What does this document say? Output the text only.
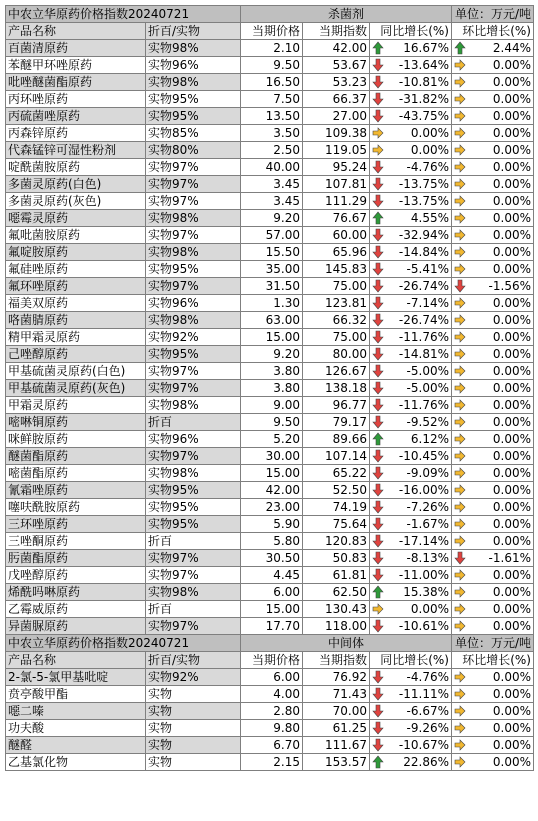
中农立华原药价格指数20240721		杀菌剂			单位：万元/吨
产品名称	折百/实物	当期价格	当期指数	同比增长(%)	环比增长(%)
百菌清原药	实物98%	2.10	42.00	16.67%	2.44%

苯醚甲环唑原药	实物96%	9.50	53.67	-13.64%	0.00%

吡唑醚菌酯原药	实物98%	16.50	53.23	-10.81%	0.00%

丙环唑原药	实物95%	7.50	66.37	-31.82%	0.00%

丙硫菌唑原药	实物95%	13.50	27.00	-43.75%	0.00%

丙森锌原药	实物85%	3.50	109.38	0.00%	0.00%

代森锰锌可湿性粉剂	实物80%	2.50	119.05	0.00%	0.00%

啶酰菌胺原药	实物97%	40.00	95.24	-4.76%	0.00%

多菌灵原药(白色)	实物97%	3.45	107.81	-13.75%	0.00%

多菌灵原药(灰色)	实物97%	3.45	111.29	-13.75%	0.00%

噁霉灵原药	实物98%	9.20	76.67	4.55%	0.00%

氟吡菌胺原药	实物97%	57.00	60.00	-32.94%	0.00%

氟啶胺原药	实物98%	15.50	65.96	-14.84%	0.00%

氟硅唑原药	实物95%	35.00	145.83	-5.41%	0.00%

氟环唑原药	实物97%	31.50	75.00	-26.74%	-1.56%

福美双原药	实物96%	1.30	123.81	-7.14%	0.00%

咯菌腈原药	实物98%	63.00	66.32	-26.74%	0.00%

精甲霜灵原药	实物92%	15.00	75.00	-11.76%	0.00%

己唑醇原药	实物95%	9.20	80.00	-14.81%	0.00%

甲基硫菌灵原药(白色)	实物97%	3.80	126.67	-5.00%	0.00%

甲基硫菌灵原药(灰色)	实物97%	3.80	138.18	-5.00%	0.00%

甲霜灵原药	实物98%	9.00	96.77	-11.76%	0.00%

嘧啉铜原药	折百	9.50	79.17	-9.52%	0.00%

咪鲜胺原药	实物96%	5.20	89.66	6.12%	0.00%

醚菌酯原药	实物97%	30.00	107.14	-10.45%	0.00%

嘧菌酯原药	实物98%	15.00	65.22	-9.09%	0.00%

氰霜唑原药	实物95%	42.00	52.50	-16.00%	0.00%

噻呋酰胺原药	实物95%	23.00	74.19	-7.26%	0.00%

三环唑原药	实物95%	5.90	75.64	-1.67%	0.00%

三唑酮原药	折百	5.80	120.83	-17.14%	0.00%

肟菌酯原药	实物97%	30.50	50.83	-8.13%	-1.61%

戊唑醇原药	实物97%	4.45	61.81	-11.00%	0.00%

烯酰吗啉原药	实物98%	6.00	62.50	15.38%	0.00%

乙霉威原药	折百	15.00	130.43	0.00%	0.00%

异菌脲原药	实物97%	17.70	118.00	-10.61%	0.00%

中农立华原药价格指数20240721		中间体			单位：万元/吨
产品名称	折百/实物	当期价格	当期指数	同比增长(%)	环比增长(%)
2-氯-5-氯甲基吡啶	实物92%	6.00	76.92	-4.76%	0.00%

贲亭酸甲酯	实物	4.00	71.43	-11.11%	0.00%

噁二嗪	实物	2.80	70.00	-6.67%	0.00%

功夫酸	实物	9.80	61.25	-9.26%	0.00%

醚醛	实物	6.70	111.67	-10.67%	0.00%

乙基氯化物	实物	2.15	153.57	22.86%	0.00%
